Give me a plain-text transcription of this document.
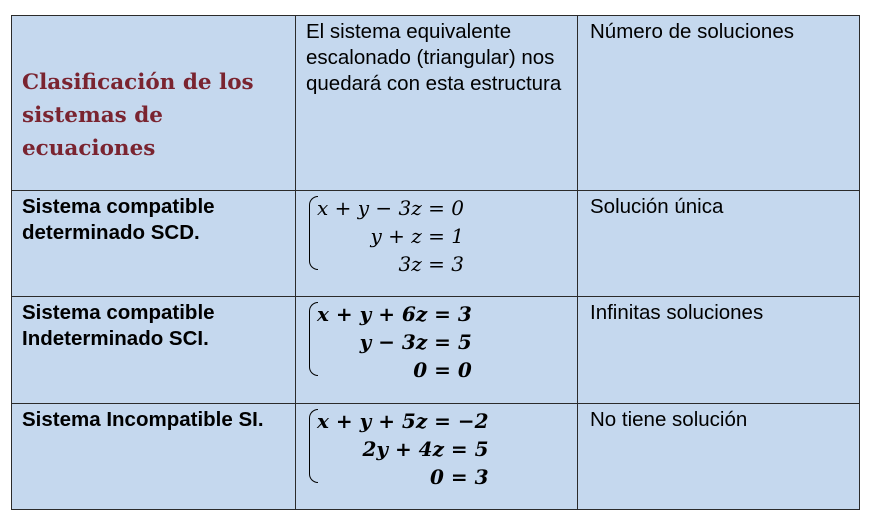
Clasificación de los sistemas de ecuaciones
El sistema equivalente escalonado (triangular) nos quedará con esta estructura
Número de soluciones
Sistema compatible determinado SCD.
x + y − 3z = 0
y + z = 1
3z = 3
Solución única
Sistema compatible Indeterminado SCI.
x + y + 6z = 3
y − 3z = 5
0 = 0
Infinitas soluciones
Sistema Incompatible SI.	x + y + 5z = −2
2y + 4z = 5
0 = 3
No tiene solución
